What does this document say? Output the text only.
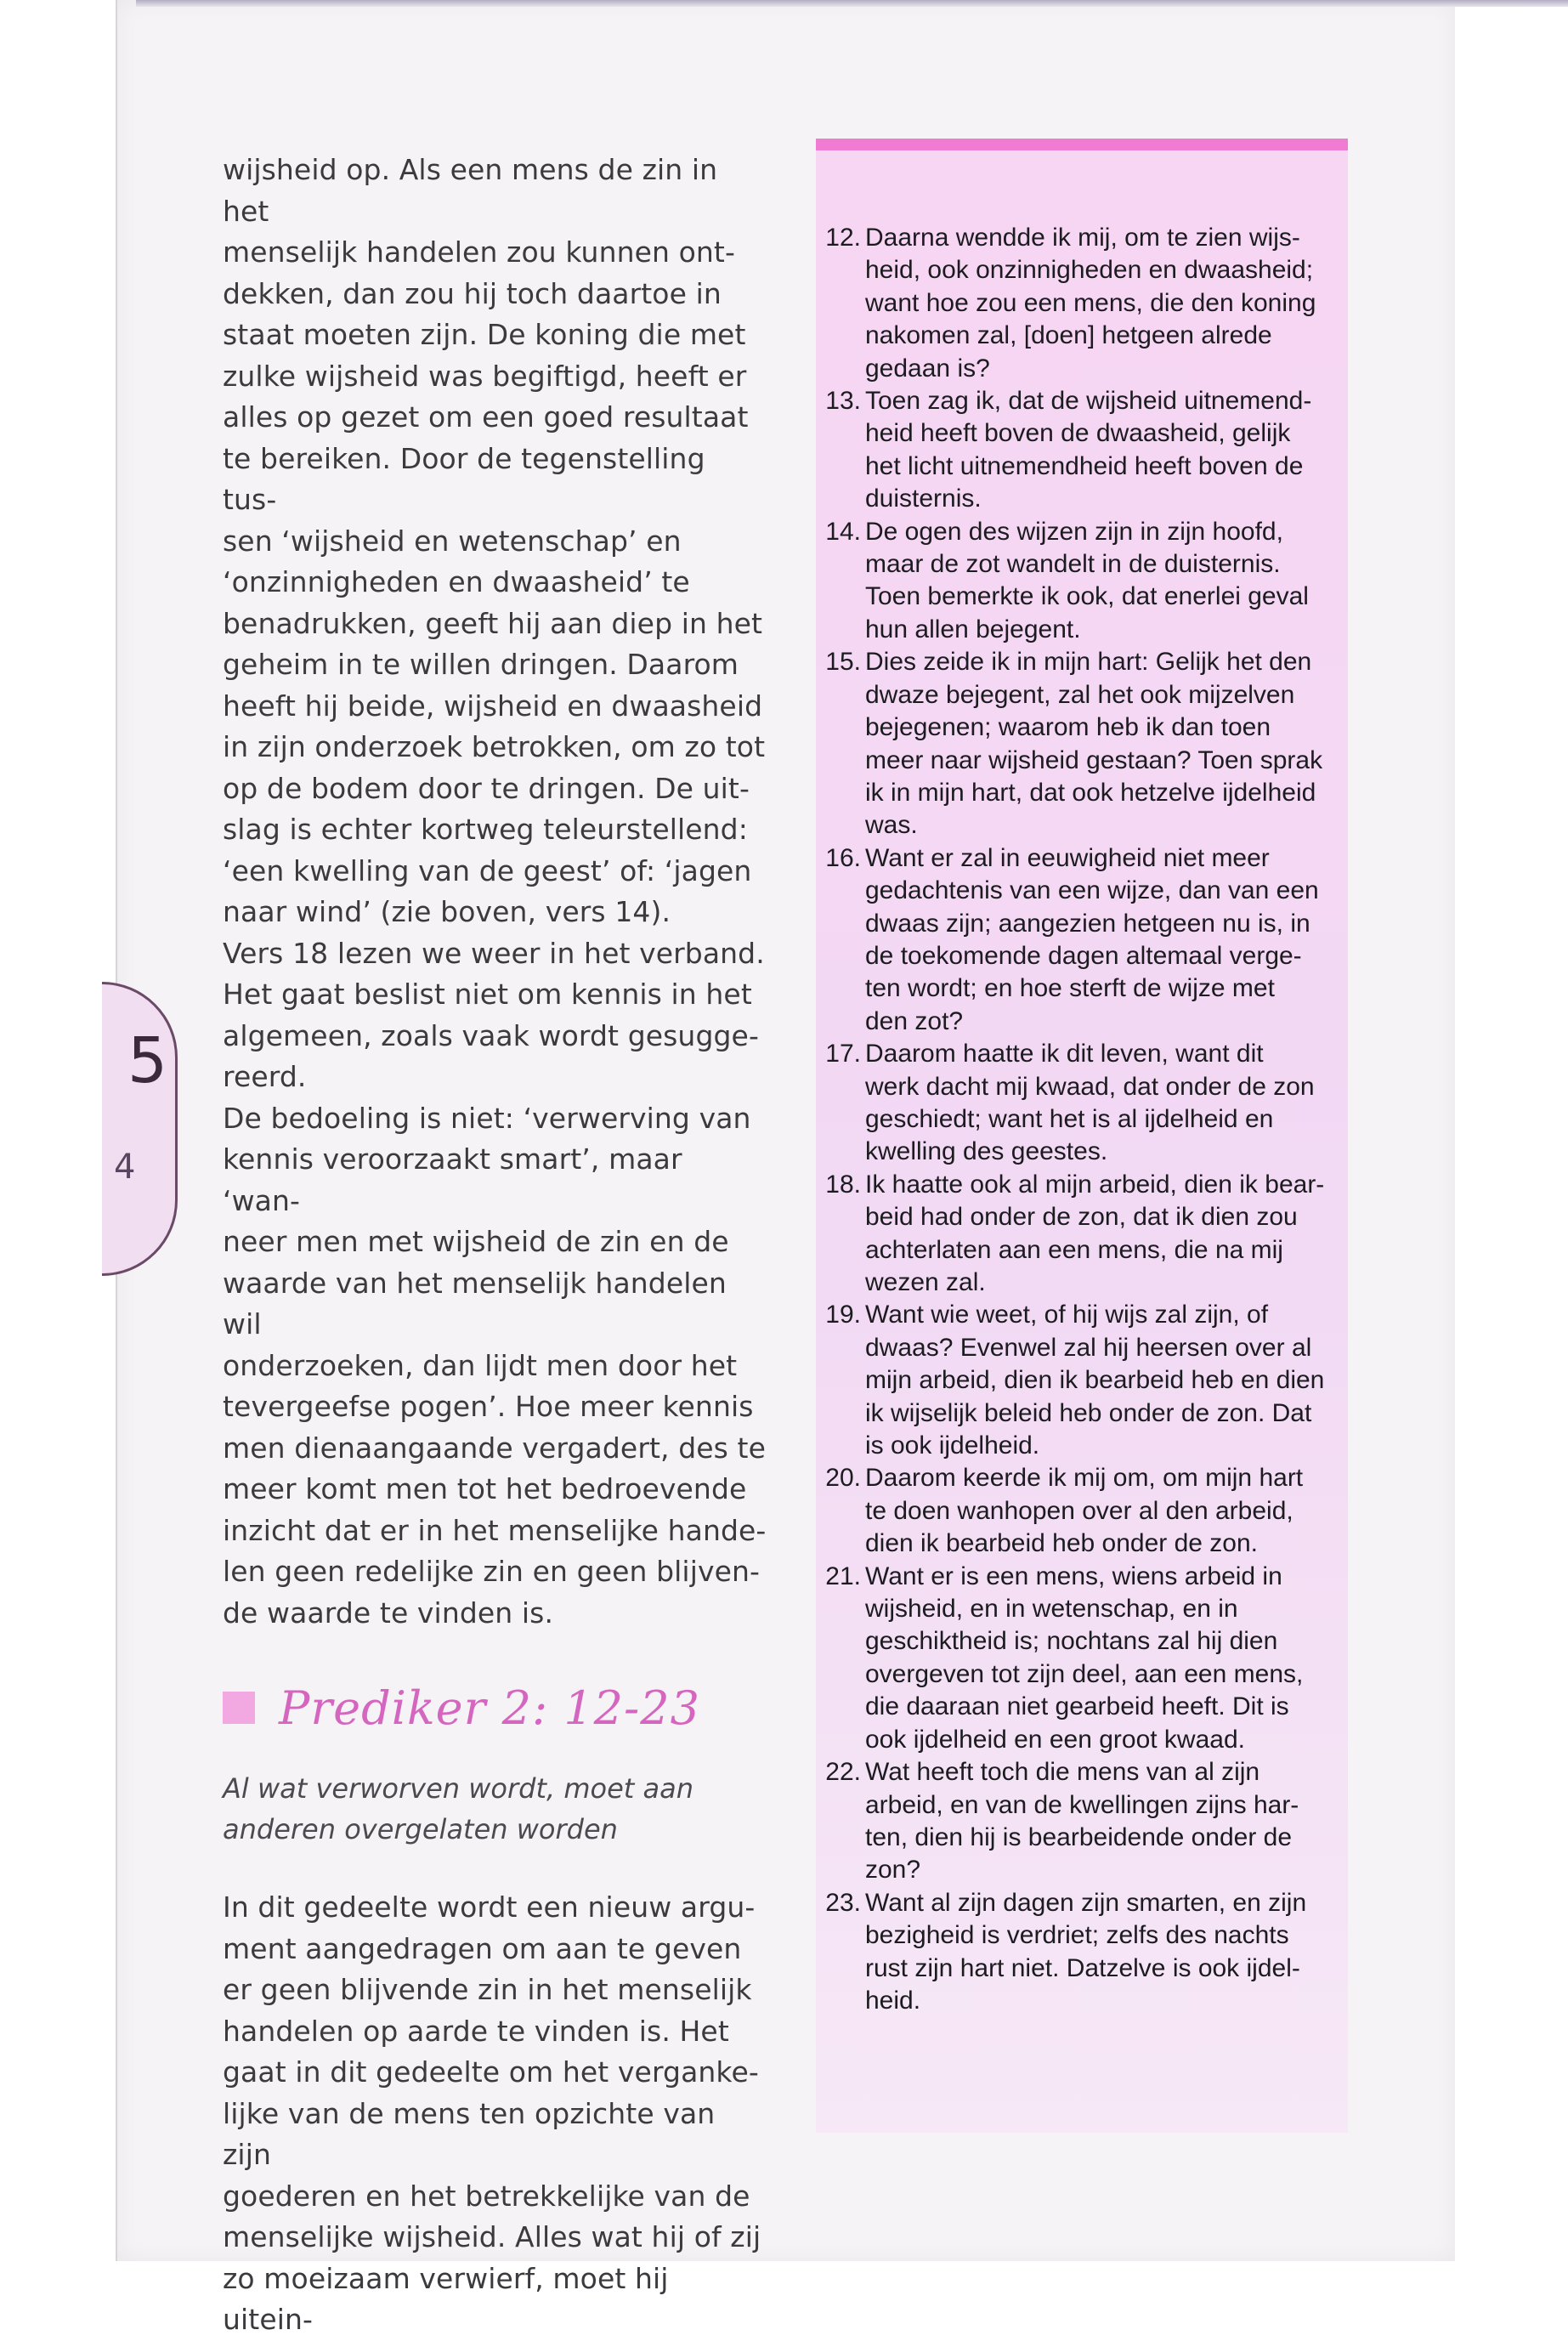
5
4

wijsheid op. Als een mens de zin in het
menselijk handelen zou kunnen ont-
dekken, dan zou hij toch daartoe in
staat moeten zijn. De koning die met
zulke wijsheid was begiftigd, heeft er
alles op gezet om een goed resultaat
te bereiken. Door de tegenstelling tus-
sen ‘wijsheid en wetenschap’ en
‘onzinnigheden en dwaasheid’ te
benadrukken, geeft hij aan diep in het
geheim in te willen dringen. Daarom
heeft hij beide, wijsheid en dwaasheid
in zijn onderzoek betrokken, om zo tot
op de bodem door te dringen. De uit-
slag is echter kortweg teleurstellend:
‘een kwelling van de geest’ of: ‘jagen
naar wind’ (zie boven, vers 14).
Vers 18 lezen we weer in het verband.
Het gaat beslist niet om kennis in het
algemeen, zoals vaak wordt gesugge-
reerd.
De bedoeling is niet: ‘verwerving van
kennis veroorzaakt smart’, maar ‘wan-
neer men met wijsheid de zin en de
waarde van het menselijk handelen wil
onderzoeken, dan lijdt men door het
tevergeefse pogen’. Hoe meer kennis
men dienaangaande vergadert, des te
meer komt men tot het bedroevende
inzicht dat er in het menselijke hande-
len geen redelijke zin en geen blijven-
de waarde te vinden is.

Prediker 2: 12-23

Al wat verworven wordt, moet aan
anderen overgelaten worden

In dit gedeelte wordt een nieuw argu-
ment aangedragen om aan te geven
er geen blijvende zin in het menselijk
handelen op aarde te vinden is. Het
gaat in dit gedeelte om het verganke-
lijke van de mens ten opzichte van zijn
goederen en het betrekkelijke van de
menselijke wijsheid. Alles wat hij of zij
zo moeizaam verwierf, moet hij uitein-

12. Daarna wendde ik mij, om te zien wijs-
heid, ook onzinnigheden en dwaasheid;
want hoe zou een mens, die den koning
nakomen zal, [doen] hetgeen alrede
gedaan is?
13. Toen zag ik, dat de wijsheid uitnemend-
heid heeft boven de dwaasheid, gelijk
het licht uitnemendheid heeft boven de
duisternis.
14. De ogen des wijzen zijn in zijn hoofd,
maar de zot wandelt in de duisternis.
Toen bemerkte ik ook, dat enerlei geval
hun allen bejegent.
15. Dies zeide ik in mijn hart: Gelijk het den
dwaze bejegent, zal het ook mijzelven
bejegenen; waarom heb ik dan toen
meer naar wijsheid gestaan? Toen sprak
ik in mijn hart, dat ook hetzelve ijdelheid
was.
16. Want er zal in eeuwigheid niet meer
gedachtenis van een wijze, dan van een
dwaas zijn; aangezien hetgeen nu is, in
de toekomende dagen altemaal verge-
ten wordt; en hoe sterft de wijze met
den zot?
17. Daarom haatte ik dit leven, want dit
werk dacht mij kwaad, dat onder de zon
geschiedt; want het is al ijdelheid en
kwelling des geestes.
18. Ik haatte ook al mijn arbeid, dien ik bear-
beid had onder de zon, dat ik dien zou
achterlaten aan een mens, die na mij
wezen zal.
19. Want wie weet, of hij wijs zal zijn, of
dwaas? Evenwel zal hij heersen over al
mijn arbeid, dien ik bearbeid heb en dien
ik wijselijk beleid heb onder de zon. Dat
is ook ijdelheid.
20. Daarom keerde ik mij om, om mijn hart
te doen wanhopen over al den arbeid,
dien ik bearbeid heb onder de zon.
21. Want er is een mens, wiens arbeid in
wijsheid, en in wetenschap, en in
geschiktheid is; nochtans zal hij dien
overgeven tot zijn deel, aan een mens,
die daaraan niet gearbeid heeft. Dit is
ook ijdelheid en een groot kwaad.
22. Wat heeft toch die mens van al zijn
arbeid, en van de kwellingen zijns har-
ten, dien hij is bearbeidende onder de
zon?
23. Want al zijn dagen zijn smarten, en zijn
bezigheid is verdriet; zelfs des nachts
rust zijn hart niet. Datzelve is ook ijdel-
heid.
